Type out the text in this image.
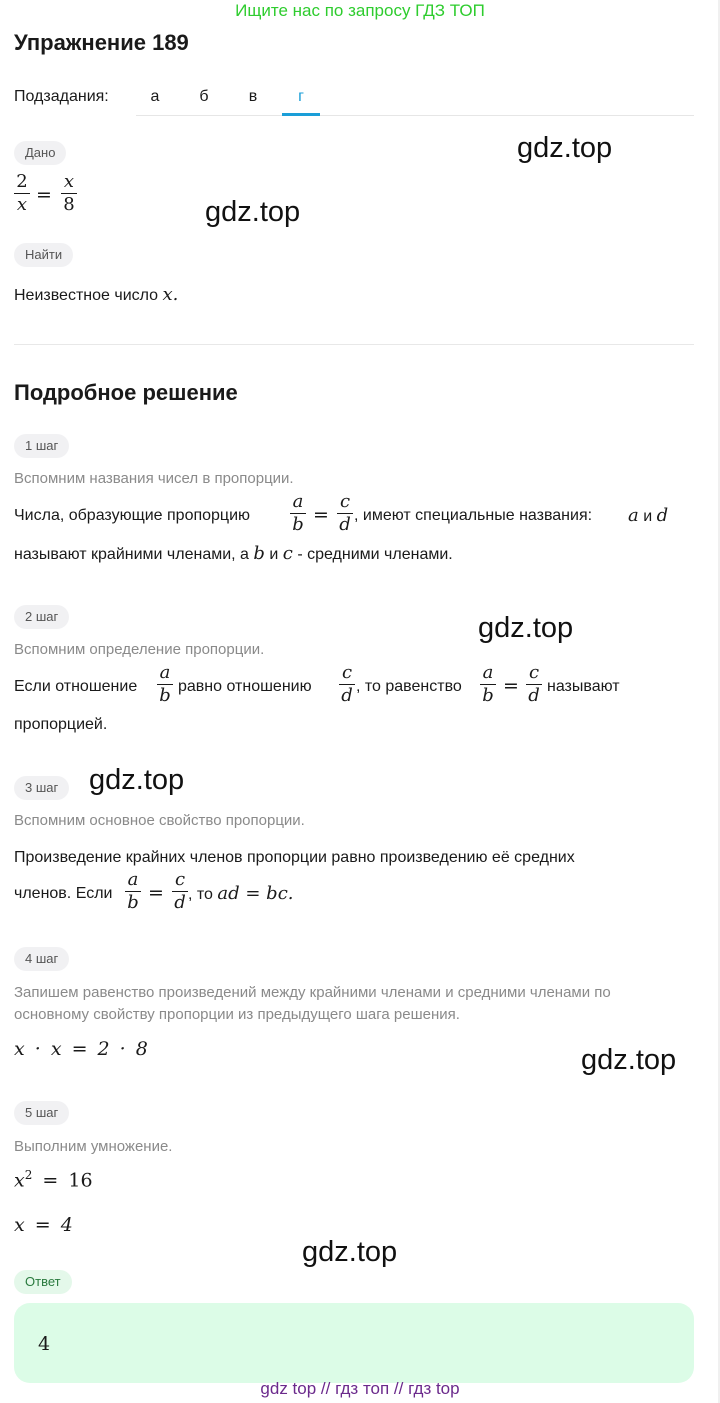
Ищите нас по запросу ГДЗ ТОП
Упражнение 189
Подзадания:	а	б	в	г
Дано
2
x =
x
8
Найти
Неизвестное число x.
Подробное решение
1 шаг
Вспомним названия чисел в пропорции.
Числа, образующие пропорцию
a
b =
c
d , имеют специальные названия: a и d
называют крайними членами, а b и c - средними членами.
2 шаг
Вспомним определение пропорции.
Если отношение
a
b равно отношению
c
d , то равенство
a
b =
c
d называют
пропорцией.
3 шаг
Вспомним основное свойство пропорции.
Произведение крайних членов пропорции равно произведению её средних
членов. Если
a
b =
c
d , то ad = bc.
4 шаг
Запишем равенство произведений между крайними членами и средними членами по
основному свойству пропорции из предыдущего шага решения.
x · x = 2 · 8
5 шаг
Выполним умножение.
$x^2 = 16$
x = 4
Ответ
4
gdz.top
gdz.top
gdz.top
gdz.top
gdz.top
gdz.top
gdz top // гдз топ // гдз top
